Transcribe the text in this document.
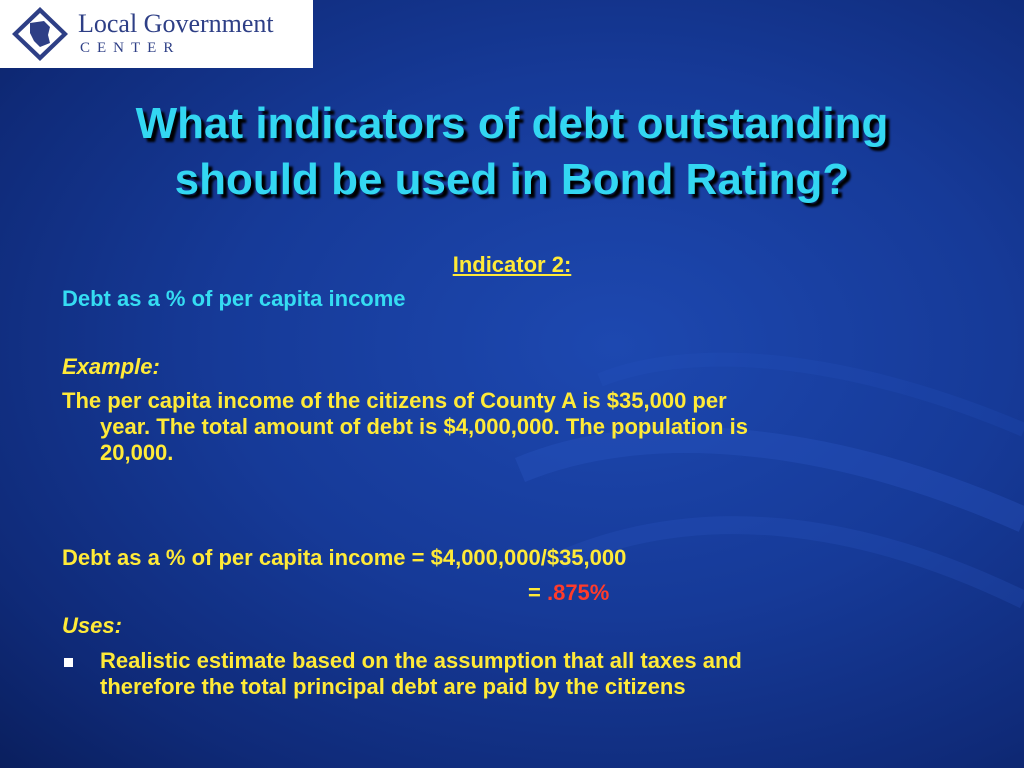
Local Government
CENTER
What indicators of debt outstanding
should be used in Bond Rating?
Indicator 2:
Debt as a % of per capita income
Example:
The per capita income of the citizens of County A is $35,000 per
year. The total amount of debt is $4,000,000. The population is
20,000.
Debt as a % of per capita income = $4,000,000/$35,000
= .875%
Uses:
Realistic estimate based on the assumption that all taxes and
therefore the total principal debt are paid by the citizens
